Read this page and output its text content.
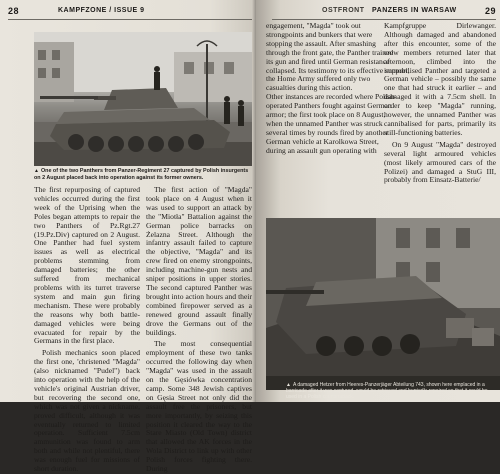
28	KAMPFZONE / ISSUE 9
▲ One of the two Panthers from Panzer-Regiment 27 captured by Polish insurgents on 2 August placed back into operation against its former owners.

The first repurposing of captured vehicles occurred during the first week of the Uprising when the Poles began attempts to repair the two Panthers of Pz.Rgt.27 (19.Pz.Div) captured on 2 August. One Panther had fuel system issues as well as electrical problems stemming from damaged batteries; the other suffered from mechanical problems with its turret traverse system and main gun firing mechanism. These were probably the reasons why both battle-damaged vehicles were being evacuated for repair by the Germans in the first place.

Polish mechanics soon placed the first one, 'christened "Magda" (also nicknamed "Pudel") back into operation with the help of the vehicle's original Austrian driver, but recovering the second one, which was not given a nickname, proved difficult, although it was eventually returned to limited operation. Sufficient 7.5cm ammunition was found to arm both and while not plentiful, there was enough fuel for missions of short duration.

The first action of "Magda" took place on 4 August when it was used to support an attack by the "Miotła" Battalion against the German police barracks on Żelazna Street. Although the infantry assault failed to capture the objective, "Magda" and its crew fired on enemy strongpoints, including machine-gun nests and sniper positions in upper stories. The second captured Panther was brought into action hours and their combined firepower served as a renewed ground assault finally drove the Germans out of the buildings.

The most consequential employment of these two tanks occurred the following day when "Magda" was used in the assault on the Gęsiówka concentration camp. Some 348 Jewish captives on Gęsia Street not only did the assault free the prisoners, but more importantly, by seizing this position it cleared the way to the Stare Miasto (Old Town) district that allowed the AK forces in the Wola District to link up with other Polish forces fighting there. During

OSTFRONT PANZERS IN WARSAW	29
engagement, "Magda" took out
strongpoints and bunkers that were
stopping the assault. After smashing
through the front gate, the Panther trained
its gun and fired until German resistance
collapsed. Its testimony to its effective support,
the Home Army suffered only two
casualties during this action.
Other instances are recorded where Polish-
operated Panthers fought against German
armor; the first took place on 8 August,
when the unnamed Panther was struck
several times by rounds fired by another
German vehicle at Karolkowa Street,
during an assault gun operating with

Kampfgruppe Dirlewanger. Although damaged and abandoned after this encounter, some of the crew members returned later that afternoon, climbed into the immobilised Panther and targeted a German vehicle – possibly the same one that had struck it earlier – and damaged it with a 7.5cm shell. In order to keep "Magda" running, however, the unnamed Panther was cannibalised for parts, primarily its still-functioning batteries.

On 9 August "Magda" destroyed several light armoured vehicles (most likely armoured cars of the Polizei) and damaged a StuG III, probably from Einsatz-Batterie/

▲ A damaged Hetzer from Heeres-Panzerjäger Abteilung 743, shown here emplaced in a barricade after it was captured, would be retrieved and hurriedly repaired so that it could be used in a Polish counterattack.
